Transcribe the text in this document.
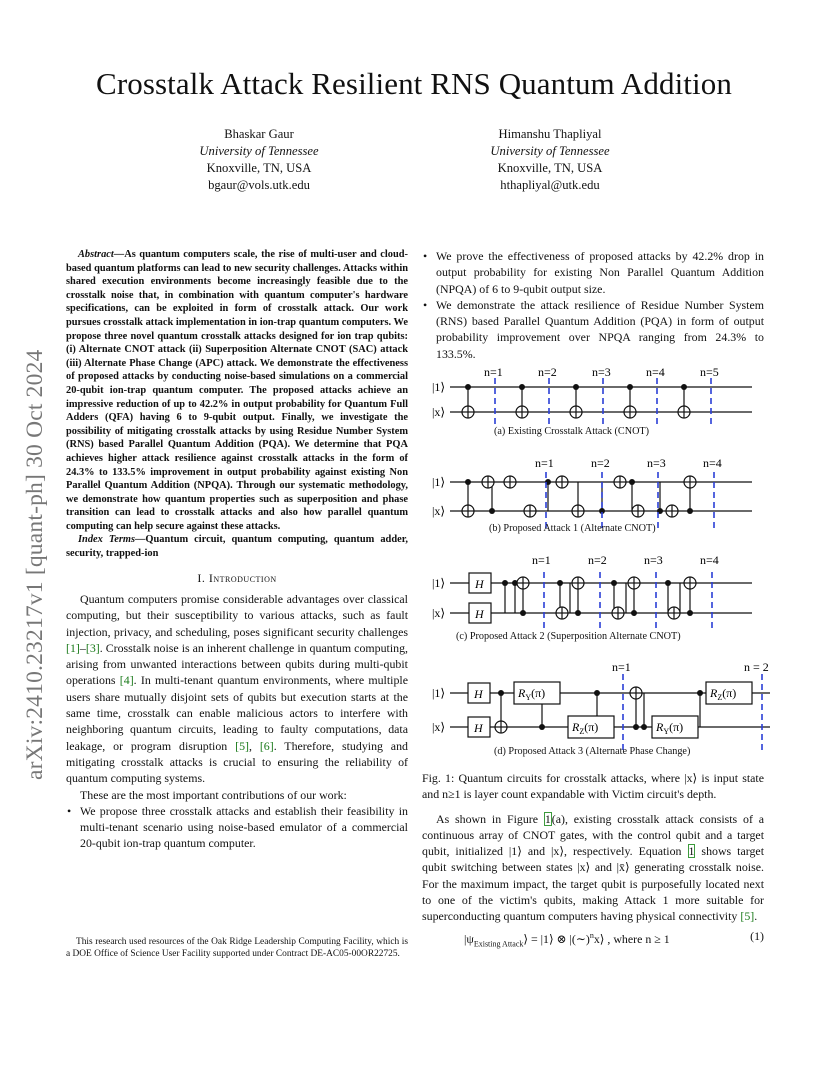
arXiv:2410.23217v1 [quant-ph] 30 Oct 2024
Crosstalk Attack Resilient RNS Quantum Addition
Bhaskar Gaur
University of Tennessee
Knoxville, TN, USA
bgaur@vols.utk.edu
Himanshu Thapliyal
University of Tennessee
Knoxville, TN, USA
hthapliyal@utk.edu
Abstract—As quantum computers scale, the rise of multi-user and cloud-based quantum platforms can lead to new security challenges. Attacks within shared execution environments become increasingly feasible due to the crosstalk noise that, in combination with quantum computer's hardware specifications, can be exploited in form of crosstalk attack. Our work pursues crosstalk attack implementation in ion-trap quantum computers. We propose three novel quantum crosstalk attacks designed for ion trap qubits: (i) Alternate CNOT attack (ii) Superposition Alternate CNOT (SAC) attack (iii) Alternate Phase Change (APC) attack. We demonstrate the effectiveness of proposed attacks by conducting noise-based simulations on a commercial 20-qubit ion-trap quantum computer. The proposed attacks achieve an impressive reduction of up to 42.2% in output probability for Quantum Full Adders (QFA) having 6 to 9-qubit output. Finally, we investigate the possibility of mitigating crosstalk attacks by using Residue Number System (RNS) based Parallel Quantum Addition (PQA). We determine that PQA achieves higher attack resilience against crosstalk attacks in the form of 24.3% to 133.5% improvement in output probability against existing Non Parallel Quantum Addition (NPQA). Through our systematic methodology, we demonstrate how quantum properties such as superposition and phase transition can lead to crosstalk attacks and also how parallel quantum computing can help secure against these attacks.
Index Terms—Quantum circuit, quantum computing, quantum adder, security, trapped-ion
I. Introduction

Quantum computers promise considerable advantages over classical computing, but their susceptibility to various attacks, such as fault injection, privacy, and scheduling, poses significant security challenges [ 1 ] –[ 3 ] . Crosstalk noise is an inherent challenge in quantum computing, arising from unwanted interactions between qubits during multi-qubit operations [ 4 ] . In multi-tenant quantum environments, where multiple users share mutually disjoint sets of qubits but execution starts at the same time, crosstalk can enable malicious actors to interfere with neighboring quantum circuits, leading to faulty computations, data leakage, or program disruption [ 5 ] , [ 6 ] . Therefore, studying and mitigating crosstalk attacks is crucial to ensuring the reliability of quantum computing systems.

These are the most important contributions of our work:

• We propose three crosstalk attacks and establish their feasibility in multi-tenant scenario using noise-based emulator of a commercial 20-qubit ion-trap quantum computer.

This research used resources of the Oak Ridge Leadership Computing Facility, which is a DOE Office of Science User Facility supported under Contract DE-AC05-00OR22725.

• We prove the effectiveness of proposed attacks by 42.2% drop in output probability for existing Non Parallel Quantum Addition (NPQA) of 6 to 9-qubit output size.

• We demonstrate the attack resilience of Residue Number System (RNS) based Parallel Quantum Addition (PQA) in form of output probability improvement over NPQA ranging from 24.3% to 133.5%.

|1⟩
|x⟩
n=1	n=2	n=3	n=4	n=5
|1⟩
|x⟩
n=1	n=2	n=3	n=4
|1⟩
|x⟩
H
H
n=1	n=2	n=3	n=4
|1⟩
|x⟩
H
H
$R_Y(\pi)$
$R_Z(\pi)$	$R_Y(\pi)$
$R_Z(\pi)$
n=1	n = 2
(a) Existing Crosstalk Attack (CNOT)
(b) Proposed Attack 1 (Alternate CNOT)
(c) Proposed Attack 2 (Superposition Alternate CNOT)
(d) Proposed Attack 3 (Alternate Phase Change)

Fig. 1: Quantum circuits for crosstalk attacks, where |x⟩ is input state and n≥1 is layer count expandable with Victim circuit's depth.

As shown in Figure 1(a), existing crosstalk attack consists of a continuous array of CNOT gates, with the control qubit and a target qubit, initialized |1⟩ and |x⟩, respectively. Equation 1 shows target qubit switching between states |x⟩ and |x̄⟩ generating crosstalk noise. For the maximum impact, the target qubit is purposefully located next to one of the victim's qubits, making Attack 1 more suitable for superconducting quantum computers having physical connectivity [ 5 ] .

$|\psi_{Existing Attack}⟩$ = |1⟩ ⊗ |(∼)$^n$x⟩ , where n ≥ 1	(1)
